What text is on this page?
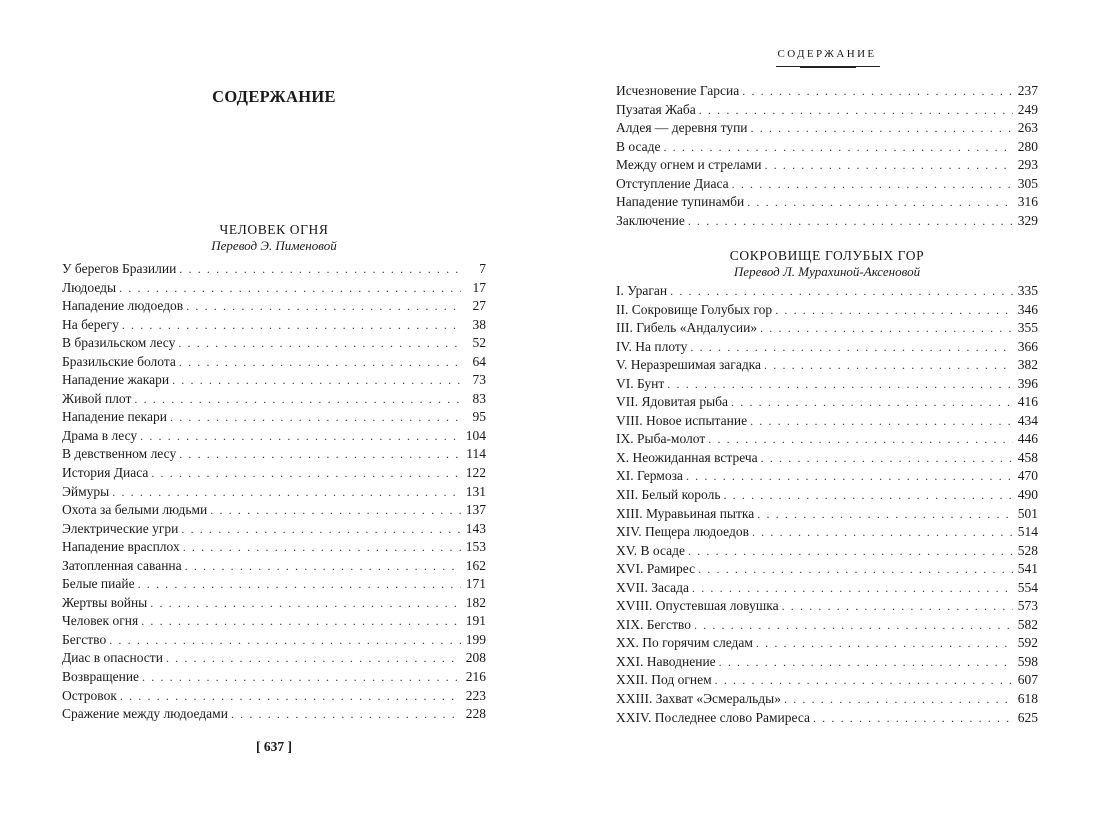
СОДЕРЖАНИЕ
СОДЕРЖАНИЕ
ЧЕЛОВЕК ОГНЯ
Перевод Э. Пименовой
У берегов Бразилии . . .	7
Людоеды . . .	17
Нападение людоедов . . .	27
На берегу . . .	38
В бразильском лесу . . .	52
Бразильские болота . . .	64
Нападение жакари . . .	73
Живой плот . . .	83
Нападение пекари . . .	95
Драма в лесу . . .	104
В девственном лесу . . .	114
История Диаса . . .	122
Эймуры . . .	131
Охота за белыми людьми . . .	137
Электрические угри . . .	143
Нападение врасплох . . .	153
Затопленная саванна . . .	162
Белые пиайе . . .	171
Жертвы войны . . .	182
Человек огня . . .	191
Бегство . . .	199
Диас в опасности . . .	208
Возвращение . . .	216
Островок . . .	223
Сражение между людоедами . . .	228
Исчезновение Гарсиа . . .	237
Пузатая Жаба . . .	249
Алдея — деревня тупи . . .	263
В осаде . . .	280
Между огнем и стрелами . . .	293
Отступление Диаса . . .	305
Нападение тупинамби . . .	316
Заключение . . .	329
СОКРОВИЩЕ ГОЛУБЫХ ГОР
Перевод Л. Мурахиной-Аксеновой
I. Ураган . . .	335
II. Сокровище Голубых гор . . .	346
III. Гибель «Андалусии» . . .	355
IV. На плоту . . .	366
V. Неразрешимая загадка . . .	382
VI. Бунт . . .	396
VII. Ядовитая рыба . . .	416
VIII. Новое испытание . . .	434
IX. Рыба-молот . . .	446
X. Неожиданная встреча . . .	458
XI. Гермоза . . .	470
XII. Белый король . . .	490
XIII. Муравьиная пытка . . .	501
XIV. Пещера людоедов . . .	514
XV. В осаде . . .	528
XVI. Рамирес . . .	541
XVII. Засада . . .	554
XVIII. Опустевшая ловушка . . .	573
XIX. Бегство . . .	582
XX. По горячим следам . . .	592
XXI. Наводнение . . .	598
XXII. Под огнем . . .	607
XXIII. Захват «Эсмеральды» . . .	618
XXIV. Последнее слово Рамиреса . . .	625
[ 637 ]
